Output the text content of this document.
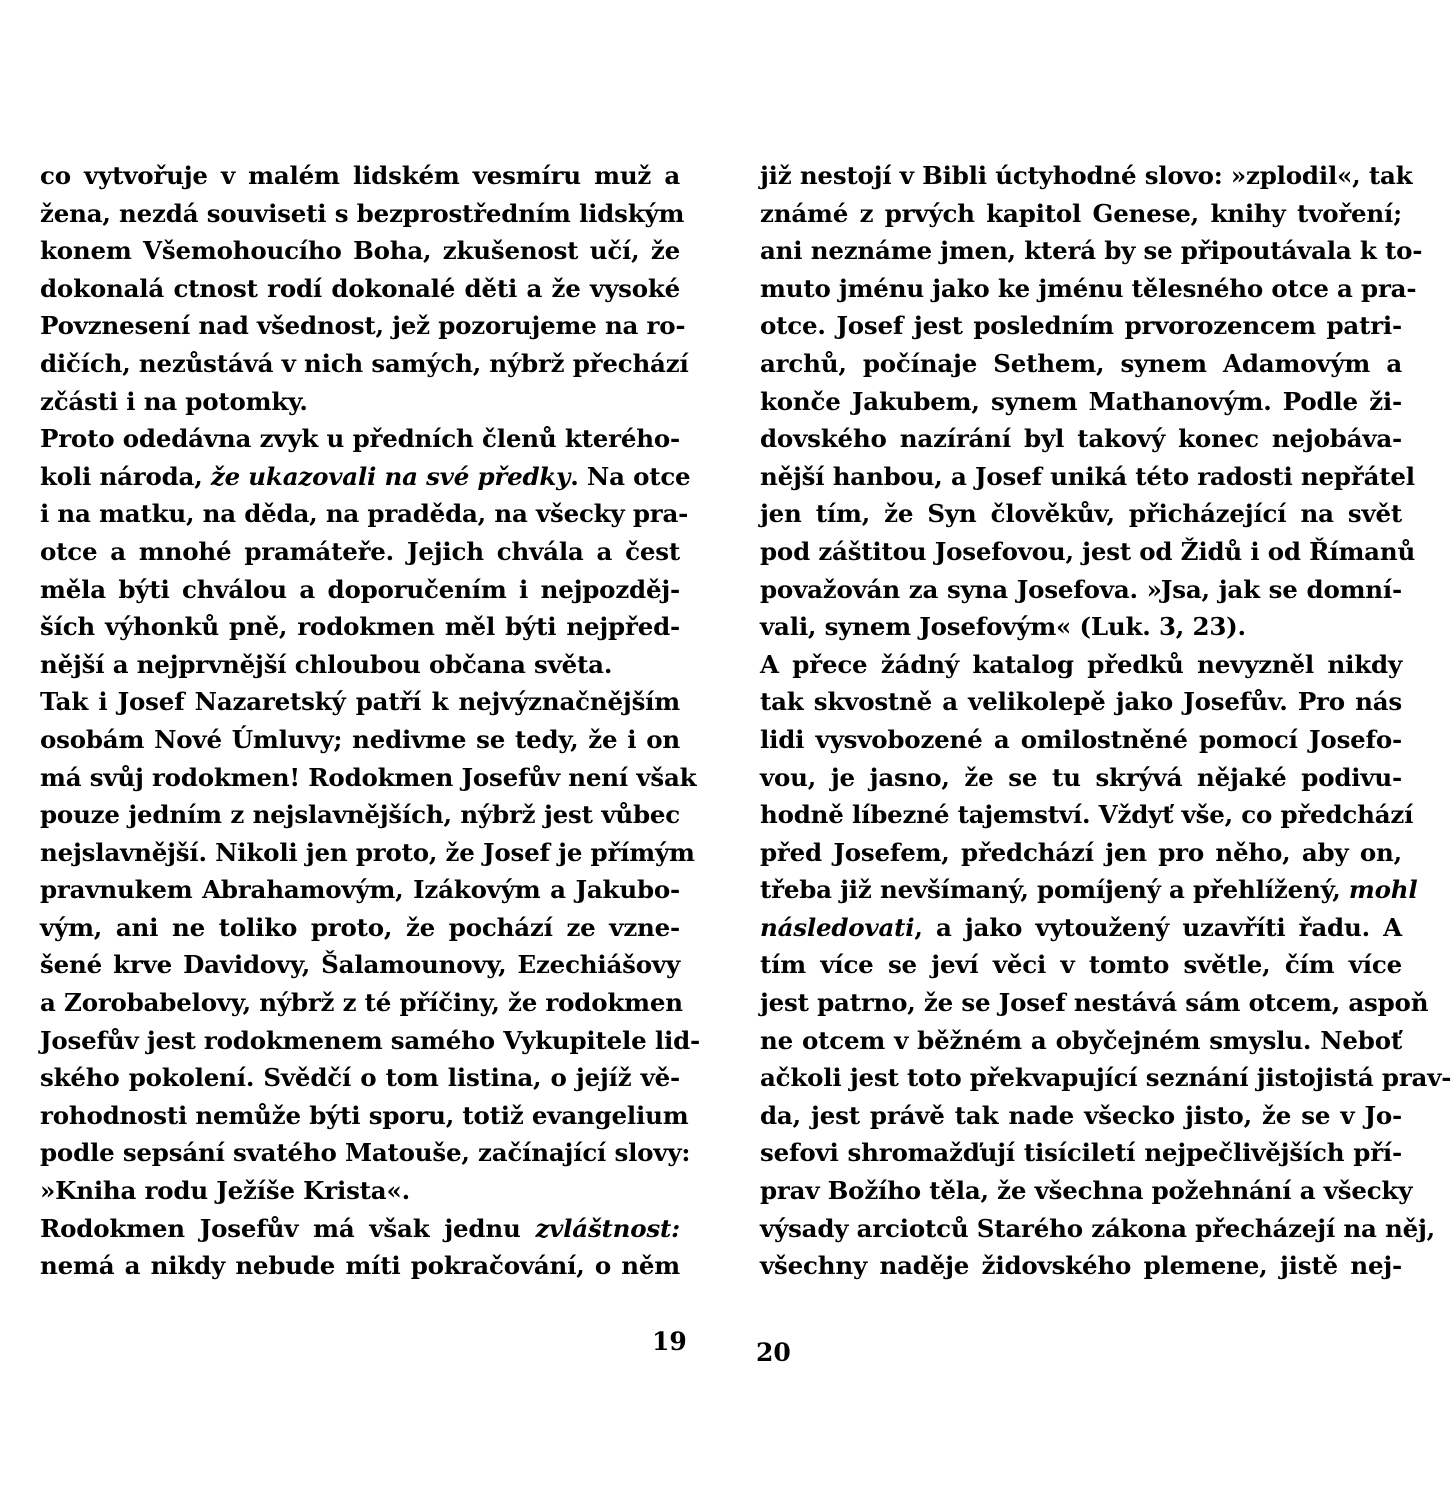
co vytvořuje v malém lidském vesmíru muž a
žena, nezdá souviseti s bezprostředním lidským
konem Všemohoucího Boha, zkušenost učí, že
dokonalá ctnost rodí dokonalé děti a že vysoké
Povznesení nad všednost, jež pozorujeme na ro-
dičích, nezůstává v nich samých, nýbrž přechází
zčásti i na potomky.
Proto odedávna zvyk u předních členů kteréhο-
koli národa, že ukazovali na své předky. Na otce
i na matku, na děda, na praděda, na všecky pra-
otce a mnohé pramáteře. Jejich chvála a čest
měla býti chválou a doporučením i nejpozděj-
ších výhonků pně, rodokmen měl býti nejpřed-
nější a nejprvnější chloubou občana světa.
Tak i Josef Nazaretský patří k nejvýznačnějším
osobám Nové Úmluvy; nedivme se tedy, že i on
má svůj rodokmen! Rodokmen Josefův není však
pouze jedním z nejslavnějších, nýbrž jest vůbec
nejslavnější. Nikoli jen proto, že Josef je přímým
pravnukem Abrahamovým, Izákovým a Jakubo-
vým, ani ne toliko proto, že pochází ze vzne-
šené krve Davidovy, Šalamounovy, Ezechiášovy
a Zorobabelovy, nýbrž z té příčiny, že rodokmen
Josefův jest rodokmenem samého Vykupitele lid-
ského pokolení. Svědčí o tom listina, o jejíž vě-
rohodnosti nemůže býti sporu, totiž evangelium
podle sepsání svatého Matouše, začínající slovy:
»Kniha rodu Ježíše Krista«.
Rodokmen Josefův má však jednu zvláštnost:
nemá a nikdy nebude míti pokračování, o něm
19
již nestojí v Bibli úctyhodné slovo: »zplodil«, tak
známé z prvých kapitol Genese, knihy tvoření;
ani neznáme jmen, která by se připoutávala k to-
muto jménu jako ke jménu tělesného otce a pra-
otce. Josef jest posledním prvorozencem patri-
archů, počínaje Sethem, synem Adamovým a
konče Jakubem, synem Mathanovým. Podle ži-
dovského nazírání byl takový konec nejobáva-
nější hanbou, a Josef uniká této radosti nepřátel
jen tím, že Syn člověkův, přicházející na svět
pod záštitou Josefovou, jest od Židů i od Římanů
považován za syna Josefova. »Jsa, jak se domní-
vali, synem Josefovým« (Luk. 3, 23).
A přece žádný katalog předků nevyzněl nikdy
tak skvostně a velikolepě jako Josefův. Pro nás
lidi vysvobozené a omilostněné pomocí Josefo-
vou, je jasno, že se tu skrývá nějaké podivu-
hodně líbezné tajemství. Vždyť vše, co předchází
před Josefem, předchází jen pro něho, aby on,
třeba již nevšímaný, pomíjený a přehlížený, mohl
následovati, a jako vytoužený uzavříti řadu. A
tím více se jeví věci v tomto světle, čím více
jest patrno, že se Josef nestává sám otcem, aspoň
ne otcem v běžném a obyčejném smyslu. Neboť
ačkoli jest toto překvapující seznání jistojistá prav-
da, jest právě tak nade všecko jisto, že se v Jo-
sefovi shromažďují tisíciletí nejpečlivějších pří-
prav Božího těla, že všechna požehnání a všecky
výsady arciotců Starého zákona přecházejí na něj,
všechny naděje židovského plemene, jistě nej-
20
